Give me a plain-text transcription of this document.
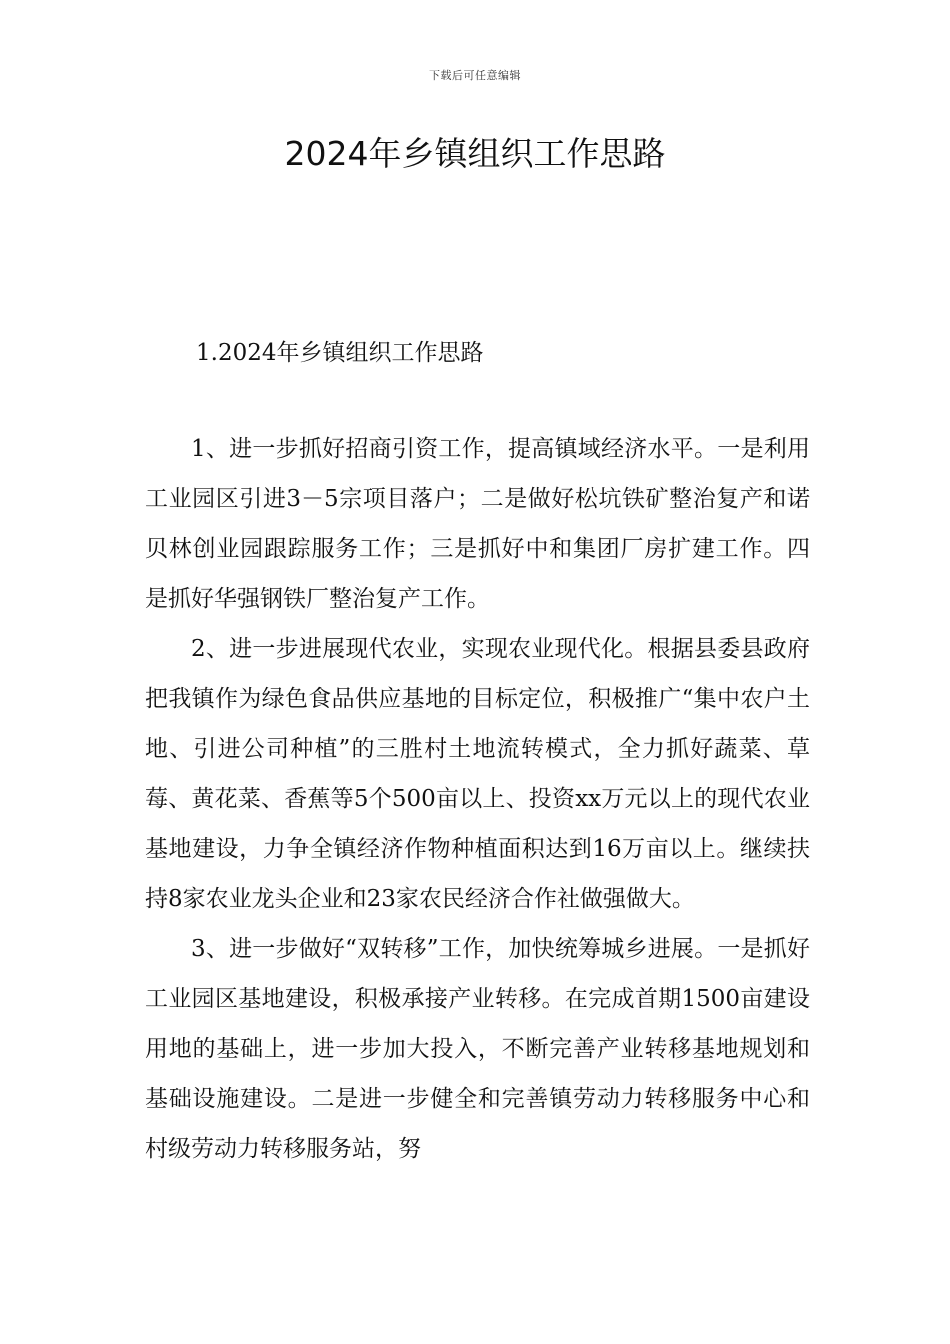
下载后可任意编辑
2024年乡镇组织工作思路
1.2024年乡镇组织工作思路

1、进一步抓好招商引资工作，提高镇域经济水平。一是利用工业园区引进3－5宗项目落户；二是做好松坑铁矿整治复产和诺贝林创业园跟踪服务工作；三是抓好中和集团厂房扩建工作。四是抓好华强钢铁厂整治复产工作。

2、进一步进展现代农业，实现农业现代化。根据县委县政府把我镇作为绿色食品供应基地的目标定位，积极推广“集中农户土地、引进公司种植”的三胜村土地流转模式，全力抓好蔬菜、草莓、黄花菜、香蕉等5个500亩以上、投资xx万元以上的现代农业基地建设，力争全镇经济作物种植面积达到16万亩以上。继续扶持8家农业龙头企业和23家农民经济合作社做强做大。

3、进一步做好“双转移”工作，加快统筹城乡进展。一是抓好工业园区基地建设，积极承接产业转移。在完成首期1500亩建设用地的基础上，进一步加大投入，不断完善产业转移基地规划和基础设施建设。二是进一步健全和完善镇劳动力转移服务中心和村级劳动力转移服务站，努
